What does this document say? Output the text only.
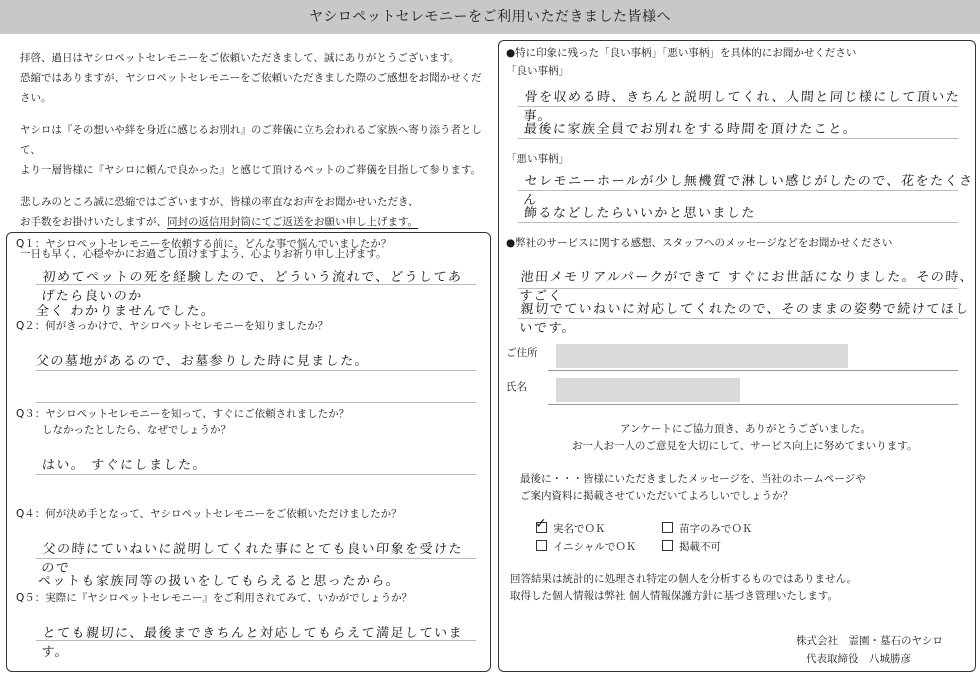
ヤシロペットセレモニーをご利用いただきました皆様へ
拝啓、過日はヤシロペットセレモニーをご依頼いただきまして、誠にありがとうございます。
恐縮ではありますが、ヤシロペットセレモニーをご依頼いただきました際のご感想をお聞かせください。
ヤシロは『その想いや絆を身近に感じるお別れ』のご葬儀に立ち会われるご家族へ寄り添う者として、
より一層皆様に『ヤシロに頼んで良かった』と感じて頂けるペットのご葬儀を目指して参ります。
悲しみのところ誠に恐縮ではございますが、皆様の率直なお声をお聞かせいただき、
お手数をお掛けいたしますが、同封の返信用封筒にてご返送をお願い申し上げます。
一日も早く、心穏やかにお過ごし頂けますよう、心よりお祈り申し上げます。
Q１：ヤシロペットセレモニーを依頼する前に、どんな事で悩んでいましたか？
初めてペットの死を経験したので、どういう流れで、どうしてあげたら良いのか
全く わかりませんでした。
Q２：何がきっかけで、ヤシロペットセレモニーを知りましたか？
父の墓地があるので、お墓参りした時に見ました。
Q３：ヤシロペットセレモニーを知って、すぐにご依頼されましたか？
しなかったとしたら、なぜでしょうか？
はい。 すぐにしました。
Q４：何が決め手となって、ヤシロペットセレモニーをご依頼いただけましたか？
父の時にていねいに説明してくれた事にとても良い印象を受けたので
ペットも家族同等の扱いをしてもらえると思ったから。
Q５：実際に『ヤシロペットセレモニー』をご利用されてみて、いかがでしょうか？
とても親切に、最後まできちんと対応してもらえて満足しています。
●特に印象に残った「良い事柄」「悪い事柄」を具体的にお聞かせください
「良い事柄」
骨を収める時、きちんと説明してくれ、人間と同じ様にして頂いた事。
最後に家族全員でお別れをする時間を頂けたこと。
「悪い事柄」
セレモニーホールが少し無機質で淋しい感じがしたので、花をたくさん
飾るなどしたらいいかと思いました
●弊社のサービスに関する感想、スタッフへのメッセージなどをお聞かせください
池田メモリアルパークができて すぐにお世話になりました。その時、すごく
親切でていねいに対応してくれたので、そのままの姿勢で続けてほしいです。
ご住所
氏名
アンケートにご協力頂き、ありがとうございました。
お一人お一人のご意見を大切にして、サービス向上に努めてまいります。
最後に・・・皆様にいただきましたメッセージを、当社のホームページや
ご案内資料に掲載させていただいてよろしいでしょうか？
✓ 実名でＯＫ	苗字のみでＯＫ
イニシャルでＯＫ	掲載不可
回答結果は統計的に処理され特定の個人を分析するものではありません。
取得した個人情報は弊社 個人情報保護方針に基づき管理いたします。
株式会社　霊園・墓石のヤシロ
代表取締役　八城勝彦
